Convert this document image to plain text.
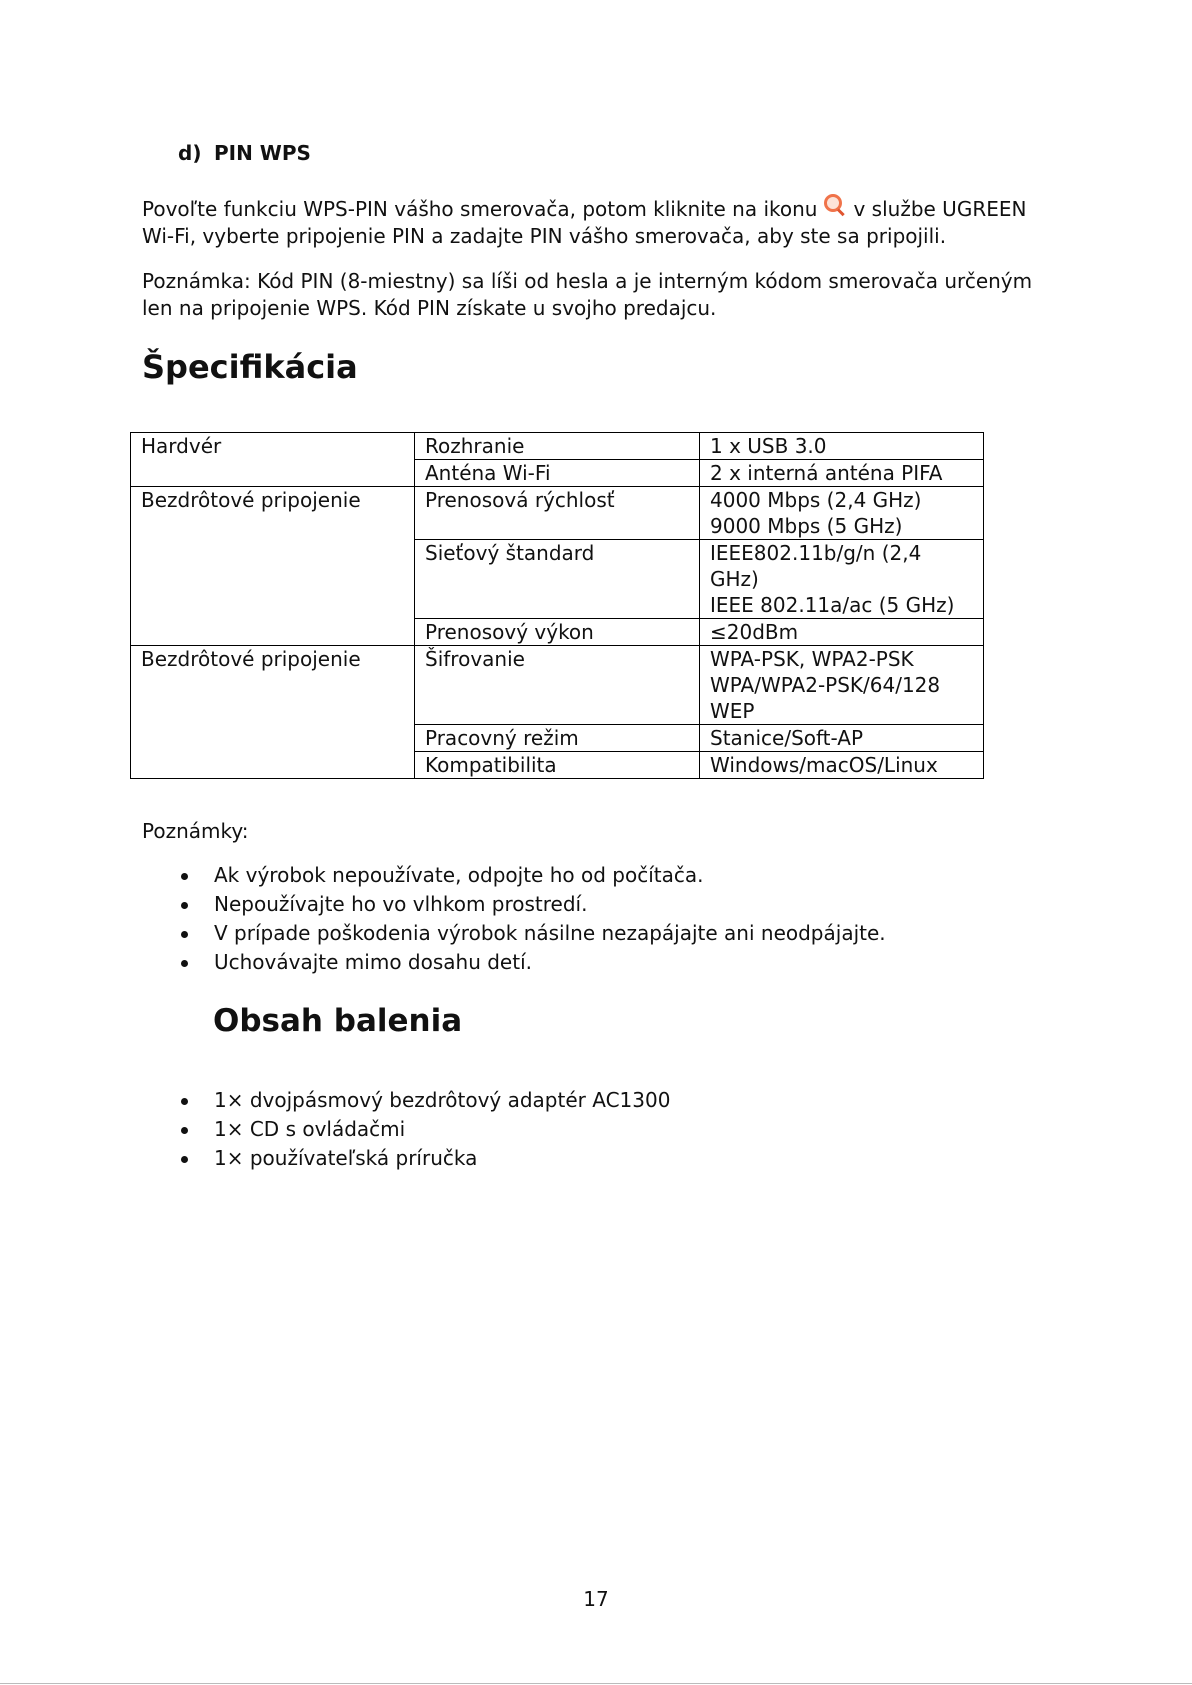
d) PIN WPS
Povoľte funkciu WPS-PIN vášho smerovača, potom kliknite na ikonu v službe UGREEN Wi-Fi, vyberte pripojenie PIN a zadajte PIN vášho smerovača, aby ste sa pripojili.
Poznámka: Kód PIN (8-miestny) sa líši od hesla a je interným kódom smerovača určeným len na pripojenie WPS. Kód PIN získate u svojho predajcu.
Špecifikácia
Hardvér	Rozhranie	1 x USB 3.0

	Anténa Wi-Fi	2 x interná anténa PIFA

Bezdrôtové pripojenie	Prenosová rýchlosť	4000 Mbps (2,4 GHz)
9000 Mbps (5 GHz)

	Sieťový štandard	IEEE802.11b/g/n (2,4
GHz)
IEEE 802.11a/ac (5 GHz)

	Prenosový výkon	≤20dBm

Bezdrôtové pripojenie	Šifrovanie	WPA-PSK, WPA2-PSK
WPA/WPA2-PSK/64/128
WEP

	Pracovný režim	Stanice/Soft-AP

	Kompatibilita	Windows/macOS/Linux
Poznámky:
Ak výrobok nepoužívate, odpojte ho od počítača.
Nepoužívajte ho vo vlhkom prostredí.
V prípade poškodenia výrobok násilne nezapájajte ani neodpájajte.
Uchovávajte mimo dosahu detí.
Obsah balenia
1× dvojpásmový bezdrôtový adaptér AC1300
1× CD s ovládačmi
1× používateľská príručka
17
